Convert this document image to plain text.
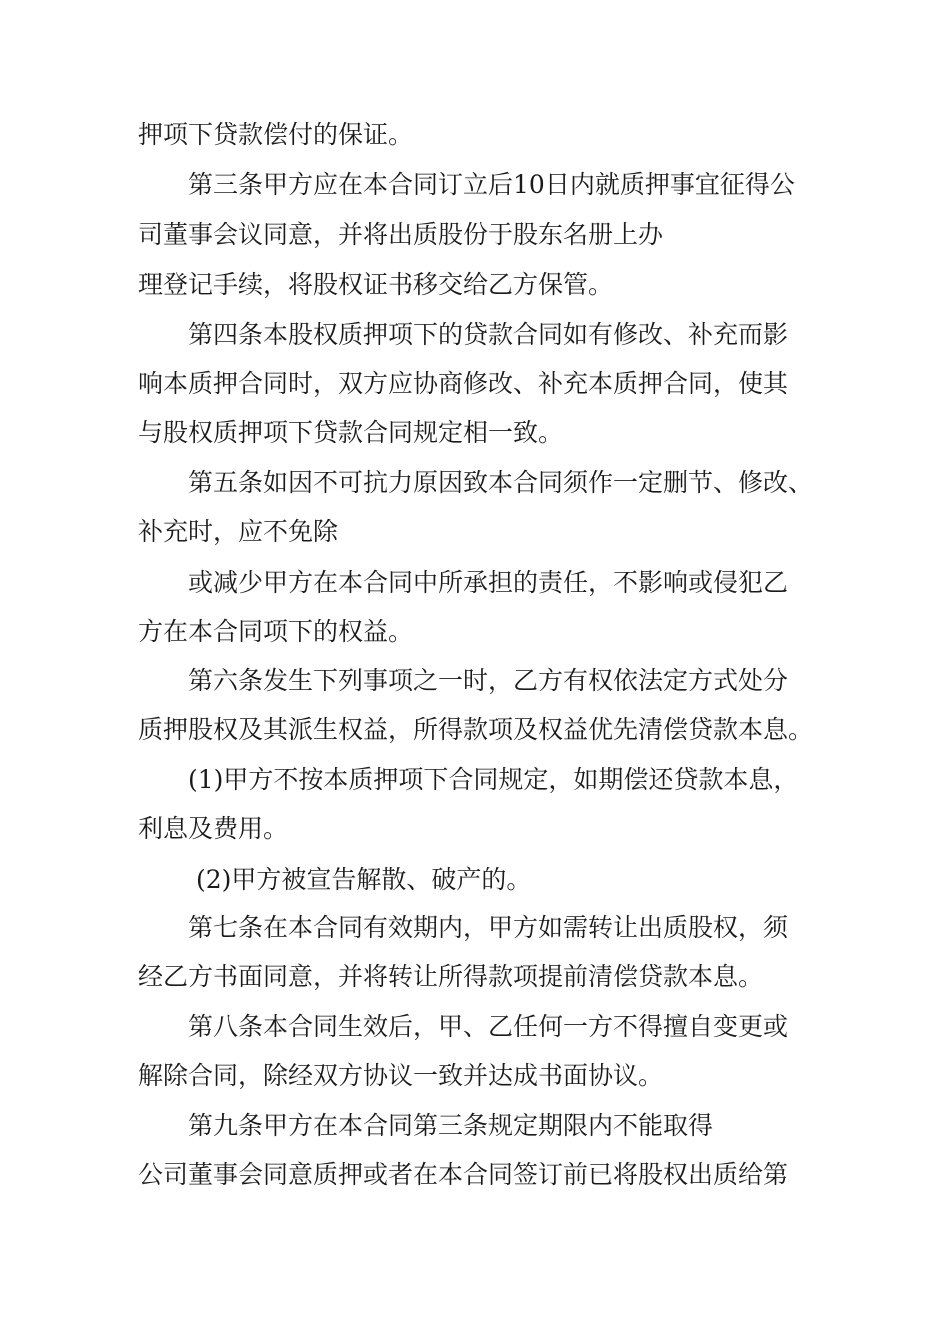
押项下贷款偿付的保证。
第三条甲方应在本合同订立后10日内就质押事宜征得公
司董事会议同意，并将出质股份于股东名册上办
理登记手续，将股权证书移交给乙方保管。
第四条本股权质押项下的贷款合同如有修改、补充而影
响本质押合同时，双方应协商修改、补充本质押合同，使其
与股权质押项下贷款合同规定相一致。
第五条如因不可抗力原因致本合同须作一定删节、修改、
补充时，应不免除
或减少甲方在本合同中所承担的责任，不影响或侵犯乙
方在本合同项下的权益。
第六条发生下列事项之一时，乙方有权依法定方式处分
质押股权及其派生权益，所得款项及权益优先清偿贷款本息。
(1)甲方不按本质押项下合同规定，如期偿还贷款本息，
利息及费用。
(2)甲方被宣告解散、破产的。
第七条在本合同有效期内，甲方如需转让出质股权，须
经乙方书面同意，并将转让所得款项提前清偿贷款本息。
第八条本合同生效后，甲、乙任何一方不得擅自变更或
解除合同，除经双方协议一致并达成书面协议。
第九条甲方在本合同第三条规定期限内不能取得
公司董事会同意质押或者在本合同签订前已将股权出质给第
